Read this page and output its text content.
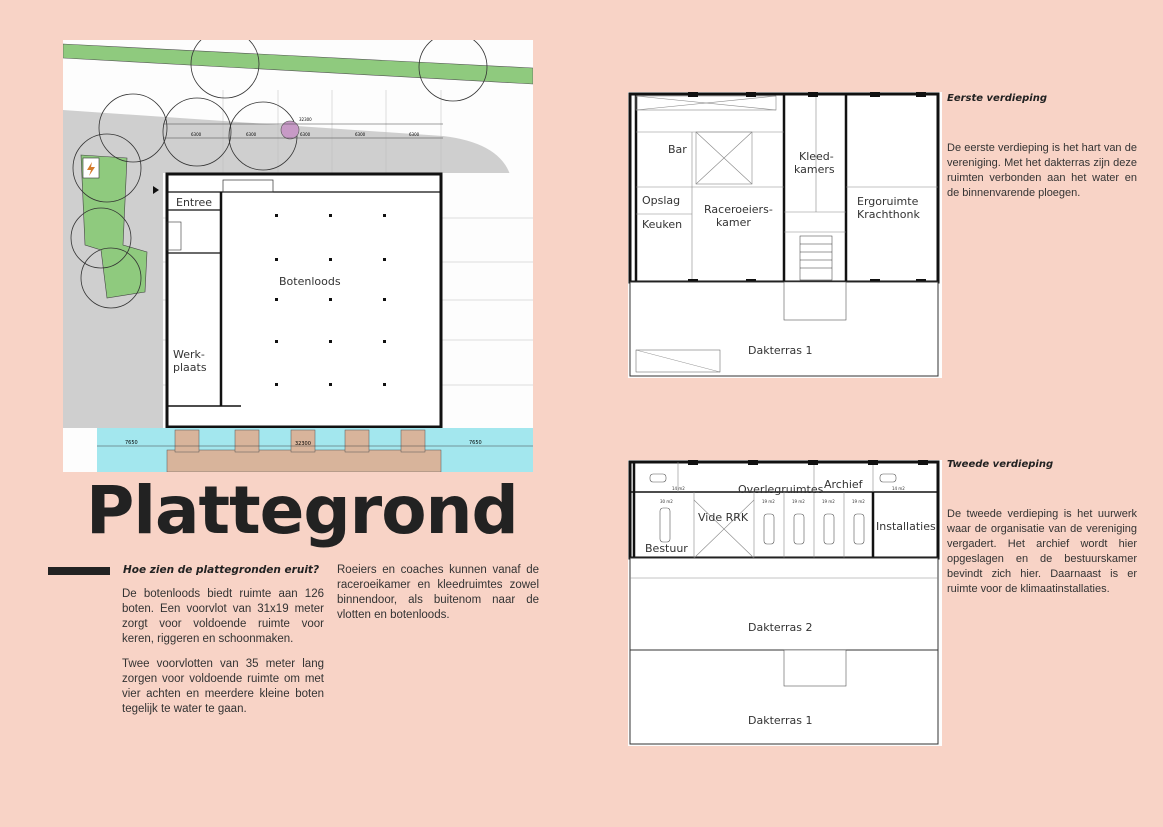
32300
6300	6300	6300	6300	6300
Entree
Botenloods
Werk-
plaats
7650	32300	7650
Plattegrond
Hoe zien de plattegronden eruit?
De botenloods biedt ruimte aan 126 boten. Een voorvlot van 31x19 meter zorgt voor voldoende ruimte voor keren, riggeren en schoonmaken.
Twee voorvlotten van 35 meter lang zorgen voor voldoende ruimte om met vier achten en meerdere kleine boten tegelijk te water te gaan.
Roeiers en coaches kunnen vanaf de raceroeikamer en kleedruimtes zowel binnendoor, als buitenom naar de vlotten en botenloods.
Bar
Opslag
Keuken
Raceroeiers-
kamer
Kleed-
kamers
Ergoruimte
Krachthonk
Dakterras 1
Eerste verdieping
De eerste verdieping is het hart van de vereniging. Met het dakterras zijn deze ruimten verbonden aan het water en de binnenvarende ploegen.
30 m2	19 m2	19 m2	19 m2	19 m2
14 m2	14 m2
Overlegruimtes Archief
Vide RRK
Bestuur
Installaties
Dakterras 2
Dakterras 1
Tweede verdieping
De tweede verdieping is het uurwerk waar de organisatie van de vereniging vergadert. Het archief wordt hier opgeslagen en de bestuurskamer bevindt zich hier. Daarnaast is er ruimte voor de klimaatinstallaties.
